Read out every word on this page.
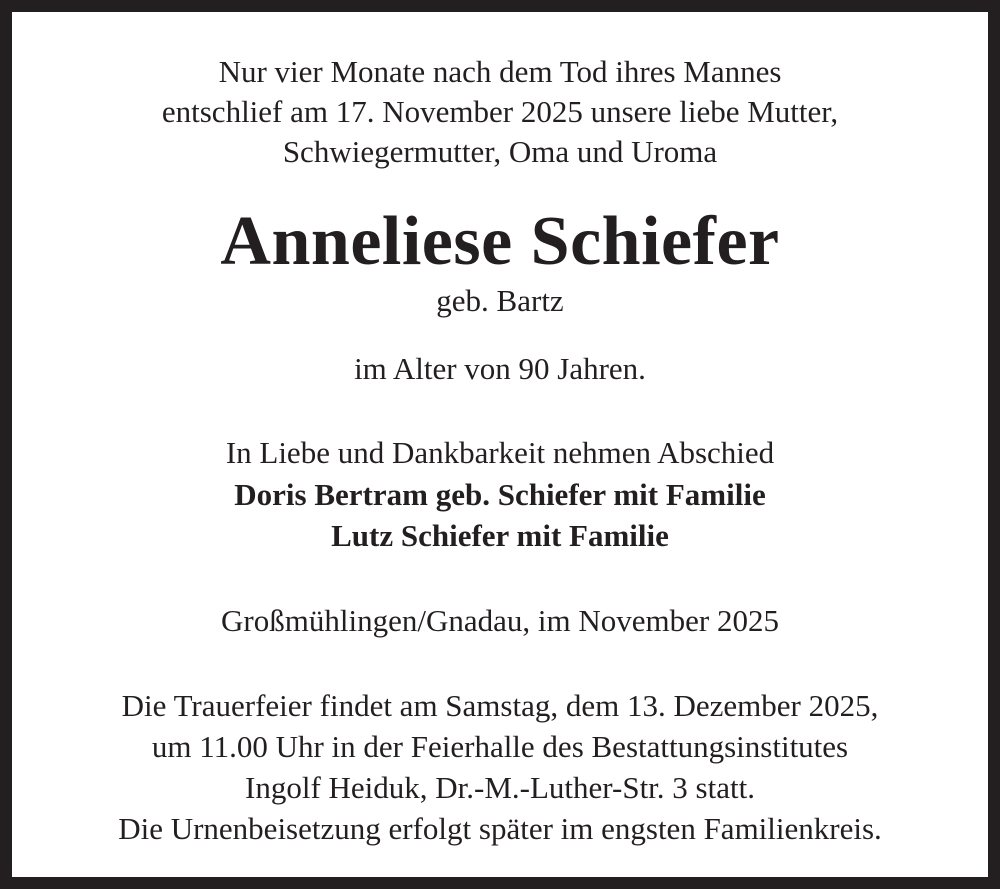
Nur vier Monate nach dem Tod ihres Mannes
entschlief am 17. November 2025 unsere liebe Mutter,
Schwiegermutter, Oma und Uroma
Anneliese Schiefer
geb. Bartz
im Alter von 90 Jahren.
In Liebe und Dankbarkeit nehmen Abschied
Doris Bertram geb. Schiefer mit Familie
Lutz Schiefer mit Familie
Großmühlingen/Gnadau, im November 2025
Die Trauerfeier findet am Samstag, dem 13. Dezember 2025,
um 11.00 Uhr in der Feierhalle des Bestattungsinstitutes
Ingolf Heiduk, Dr.-M.-Luther-Str. 3 statt.
Die Urnenbeisetzung erfolgt später im engsten Familienkreis.
